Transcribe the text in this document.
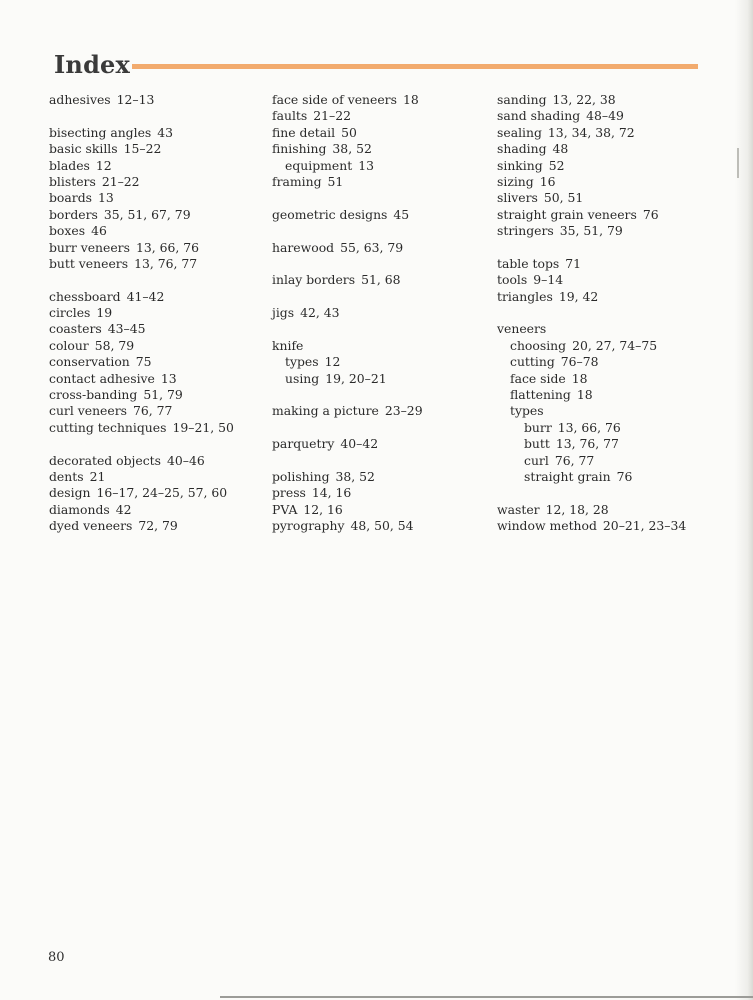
Index
adhesives 12–13
bisecting angles 43
basic skills 15–22
blades 12
blisters 21–22
boards 13
borders 35, 51, 67, 79
boxes 46
burr veneers 13, 66, 76
butt veneers 13, 76, 77
chessboard 41–42
circles 19
coasters 43–45
colour 58, 79
conservation 75
contact adhesive 13
cross-banding 51, 79
curl veneers 76, 77
cutting techniques 19–21, 50
decorated objects 40–46
dents 21
design 16–17, 24–25, 57, 60
diamonds 42
dyed veneers 72, 79
face side of veneers 18
faults 21–22
fine detail 50
finishing 38, 52
equipment 13
framing 51
geometric designs 45
harewood 55, 63, 79
inlay borders 51, 68
jigs 42, 43
knife
types 12
using 19, 20–21
making a picture 23–29
parquetry 40–42
polishing 38, 52
press 14, 16
PVA 12, 16
pyrography 48, 50, 54
sanding 13, 22, 38
sand shading 48–49
sealing 13, 34, 38, 72
shading 48
sinking 52
sizing 16
slivers 50, 51
straight grain veneers 76
stringers 35, 51, 79
table tops 71
tools 9–14
triangles 19, 42
veneers
choosing 20, 27, 74–75
cutting 76–78
face side 18
flattening 18
types
burr 13, 66, 76
butt 13, 76, 77
curl 76, 77
straight grain 76
waster 12, 18, 28
window method 20–21, 23–34
80
